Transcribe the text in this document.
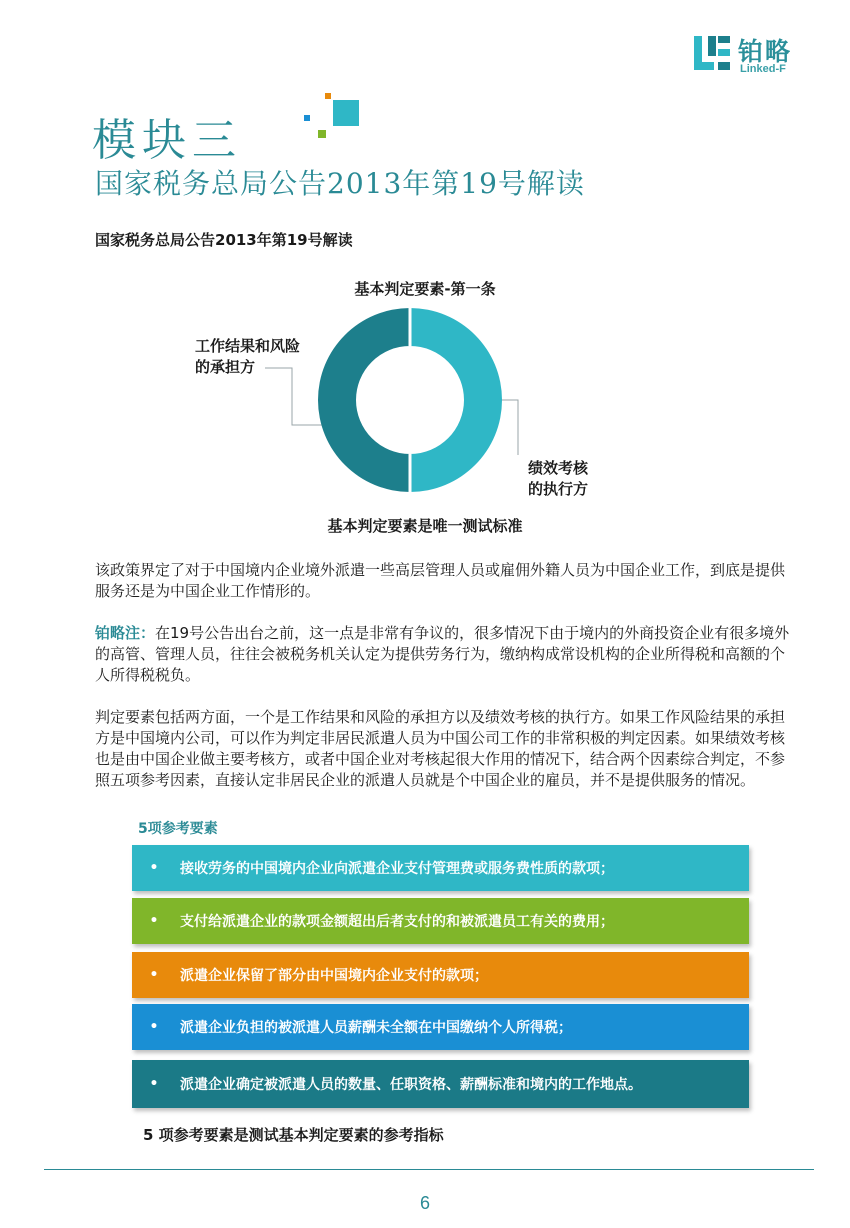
铂略
Linked-F
模块三
国家税务总局公告2013年第19号解读
国家税务总局公告2013年第19号解读
基本判定要素-第一条
工作结果和风险
的承担方
绩效考核
的执行方
基本判定要素是唯一测试标准
该政策界定了对于中国境内企业境外派遣一些高层管理人员或雇佣外籍人员为中国企业工作，到底是提供服务还是为中国企业工作情形的。
铂略注：在19号公告出台之前，这一点是非常有争议的，很多情况下由于境内的外商投资企业有很多境外的高管、管理人员，往往会被税务机关认定为提供劳务行为，缴纳构成常设机构的企业所得税和高额的个人所得税税负。
判定要素包括两方面，一个是工作结果和风险的承担方以及绩效考核的执行方。如果工作风险结果的承担方是中国境内公司，可以作为判定非居民派遣人员为中国公司工作的非常积极的判定因素。如果绩效考核也是由中国企业做主要考核方，或者中国企业对考核起很大作用的情况下，结合两个因素综合判定，不参照五项参考因素，直接认定非居民企业的派遣人员就是个中国企业的雇员，并不是提供服务的情况。
5项参考要素
•	接收劳务的中国境内企业向派遣企业支付管理费或服务费性质的款项；
•	支付给派遣企业的款项金额超出后者支付的和被派遣员工有关的费用；
•	派遣企业保留了部分由中国境内企业支付的款项；
•	派遣企业负担的被派遣人员薪酬未全额在中国缴纳个人所得税；
•	派遣企业确定被派遣人员的数量、任职资格、薪酬标准和境内的工作地点。
5 项参考要素是测试基本判定要素的参考指标
6
